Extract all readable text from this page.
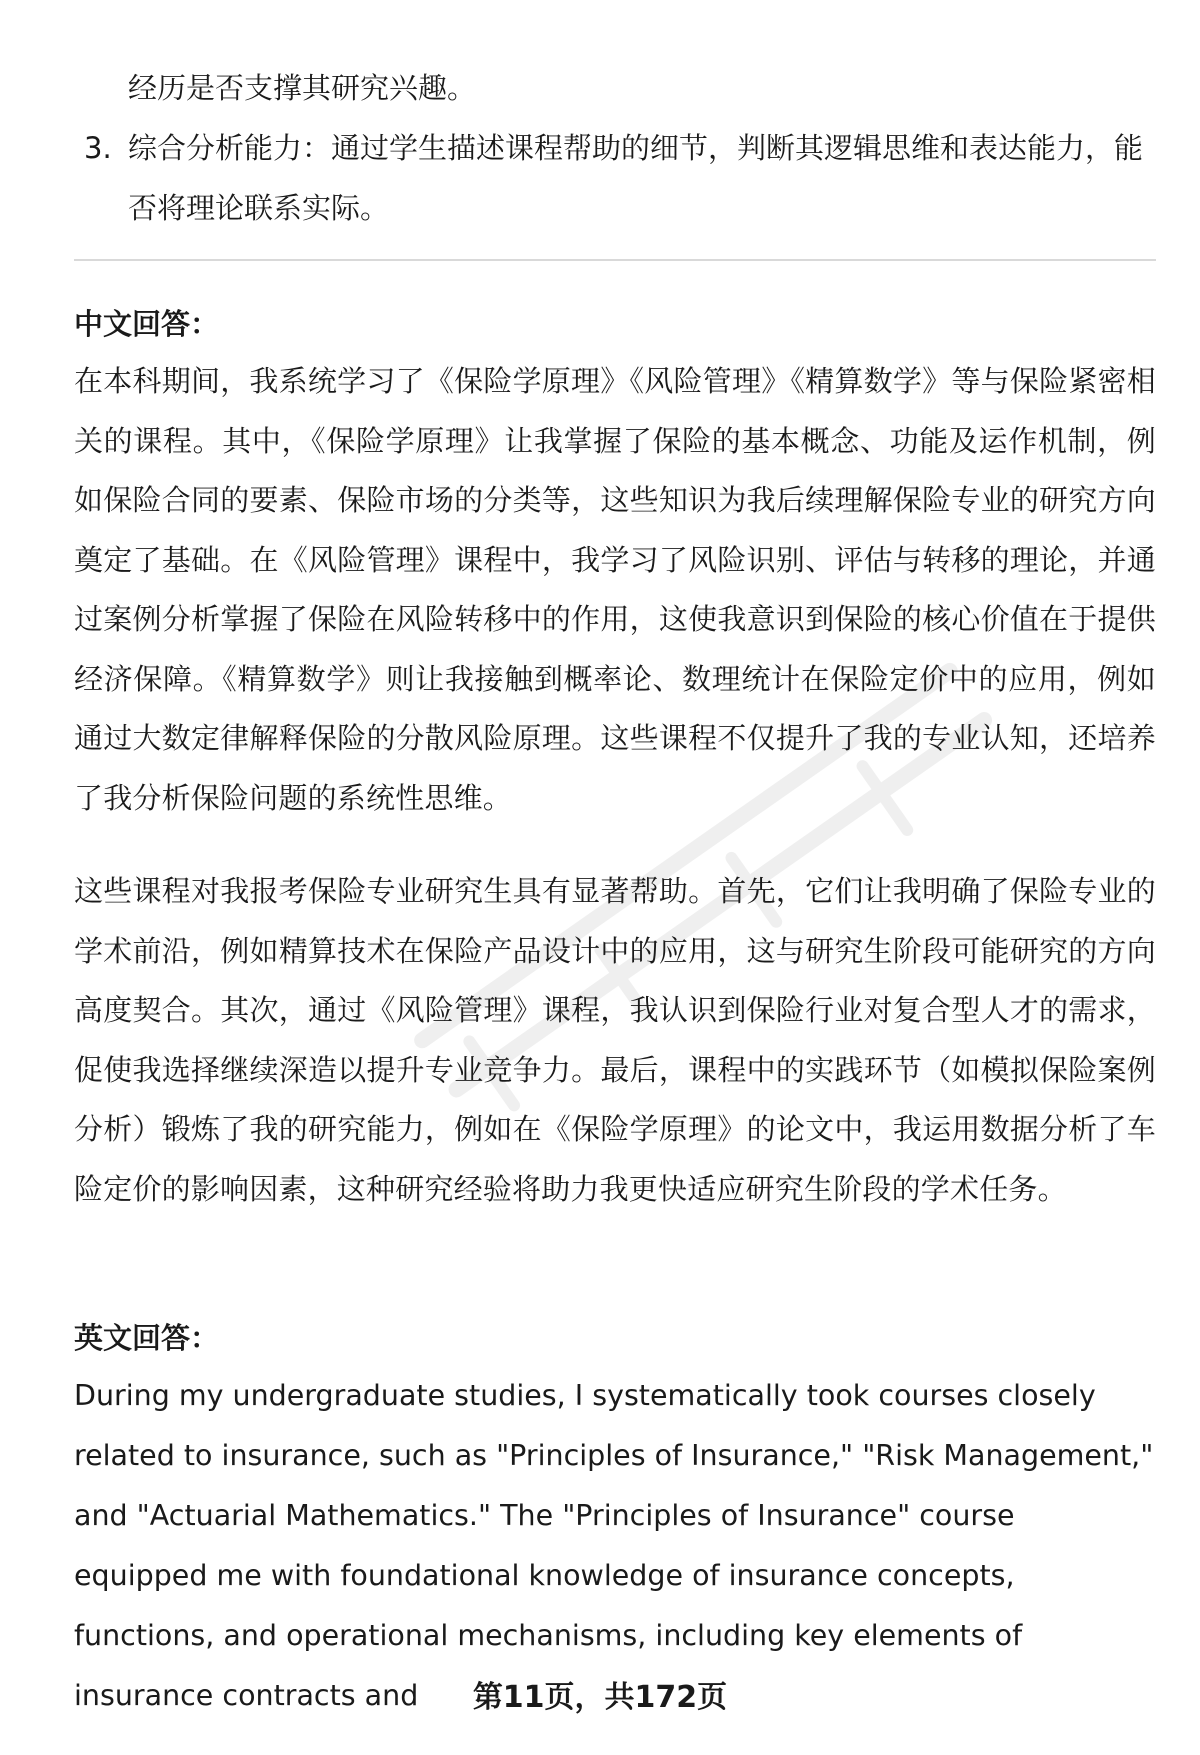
经历是否支撑其研究兴趣。
3. 综合分析能力：通过学生描述课程帮助的细节，判断其逻辑思维和表达能力，能否将理论联系实际。
中文回答：
在本科期间，我系统学习了《保险学原理》《风险管理》《精算数学》等与保险紧密相关的课程。其中，《保险学原理》让我掌握了保险的基本概念、功能及运作机制，例如保险合同的要素、保险市场的分类等，这些知识为我后续理解保险专业的研究方向奠定了基础。在《风险管理》课程中，我学习了风险识别、评估与转移的理论，并通过案例分析掌握了保险在风险转移中的作用，这使我意识到保险的核心价值在于提供经济保障。《精算数学》则让我接触到概率论、数理统计在保险定价中的应用，例如通过大数定律解释保险的分散风险原理。这些课程不仅提升了我的专业认知，还培养了我分析保险问题的系统性思维。
这些课程对我报考保险专业研究生具有显著帮助。首先，它们让我明确了保险专业的学术前沿，例如精算技术在保险产品设计中的应用，这与研究生阶段可能研究的方向高度契合。其次，通过《风险管理》课程，我认识到保险行业对复合型人才的需求，促使我选择继续深造以提升专业竞争力。最后，课程中的实践环节（如模拟保险案例分析）锻炼了我的研究能力，例如在《保险学原理》的论文中，我运用数据分析了车险定价的影响因素，这种研究经验将助力我更快适应研究生阶段的学术任务。
英文回答：
During my undergraduate studies, I systematically took courses closely related to insurance, such as "Principles of Insurance," "Risk Management," and "Actuarial Mathematics." The "Principles of Insurance" course equipped me with foundational knowledge of insurance concepts, functions, and operational mechanisms, including key elements of insurance contracts and	第11页，共172页
